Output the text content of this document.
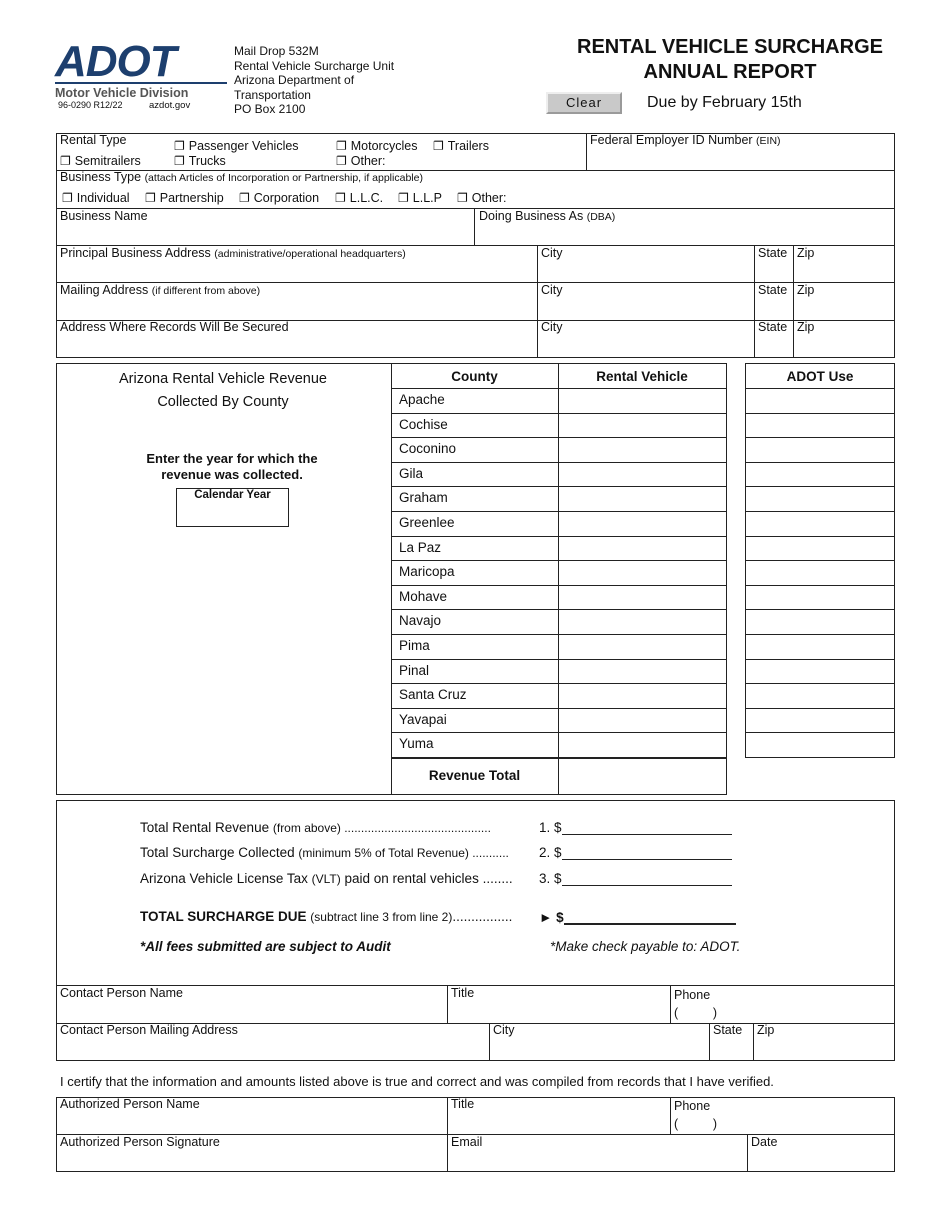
ADOT
Motor Vehicle Division
96-0290 R12/22	azdot.gov
Mail Drop 532M
Rental Vehicle Surcharge Unit
Arizona Department of
Transportation
PO Box 2100
RENTAL VEHICLE SURCHARGE
ANNUAL REPORT
Clear	Due by February 15th
Rental Type	❐ Passenger Vehicles	❐ Motorcycles ❐ Trailers
❐ Semitrailers	❐ Trucks	❐ Other:
Federal Employer ID Number (EIN)
Business Type (attach Articles of Incorporation or Partnership, if applicable)
❐ Individual ❐ Partnership ❐ Corporation ❐ L.L.C. ❐ L.L.P ❐ Other:
Business Name	Doing Business As (DBA)
Principal Business Address (administrative/operational headquarters)	City	State Zip
Mailing Address (if different from above)	City	State Zip
Address Where Records Will Be Secured	City	State Zip
Arizona Rental Vehicle Revenue
Collected By County
Enter the year for which the
revenue was collected.
Calendar Year
County	Rental Vehicle
Apache
Cochise
Coconino
Gila
Graham
Greenlee
La Paz
Maricopa
Mohave
Navajo
Pima
Pinal
Santa Cruz
Yavapai
Yuma
Revenue Total
ADOT Use
Total Rental Revenue (from above) ............................................	1. $
Total Surcharge Collected (minimum 5% of Total Revenue) ........... 2. $
Arizona Vehicle License Tax (VLT) paid on rental vehicles ........ 3. $
TOTAL SURCHARGE DUE (subtract line 3 from line 2)................ ► $
*All fees submitted are subject to Audit	*Make check payable to: ADOT.
Contact Person Name	Title	Phone
(          )
Contact Person Mailing Address	City	State Zip
I certify that the information and amounts listed above is true and correct and was compiled from records that I have verified.
Authorized Person Name	Title	Phone
(          )
Authorized Person Signature	Email	Date
